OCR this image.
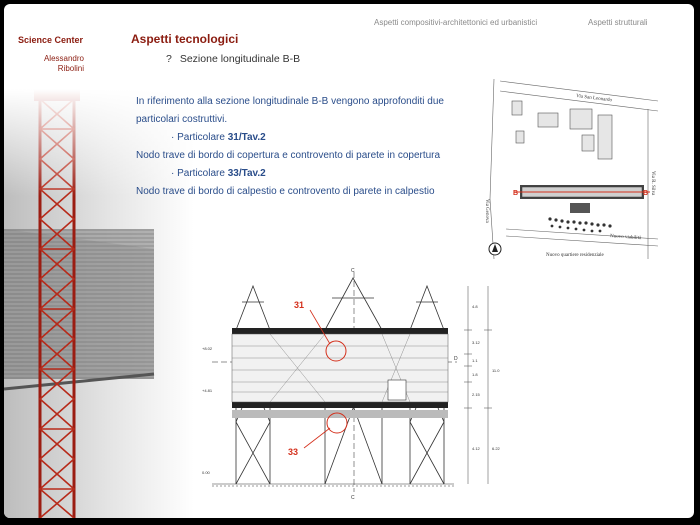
Aspetti compositivi-architettonici ed urbanistici	Aspetti strutturali
Science Center
Alessandro
Ribolini
Aspetti tecnologici
? Sezione longitudinale B-B

In riferimento alla sezione longitudinale B-B vengono approfonditi due particolari costruttivi.

· Particolare 31/Tav.2

Nodo trave di bordo di copertura e controvento di parete in copertura

· Particolare 33/Tav.2

Nodo trave di bordo di calpestio e controvento di parete in calpestio

Via San Leonardo
Via Genova
Via R. Silva
Nuovo viabilità
Nuovo quartiere residenziale
B	B
C
C
D
+8.02
+4.81
0.00
4.8
3.12
1.1
1.8
2.15
4.12
11.0
6.22
31
33
